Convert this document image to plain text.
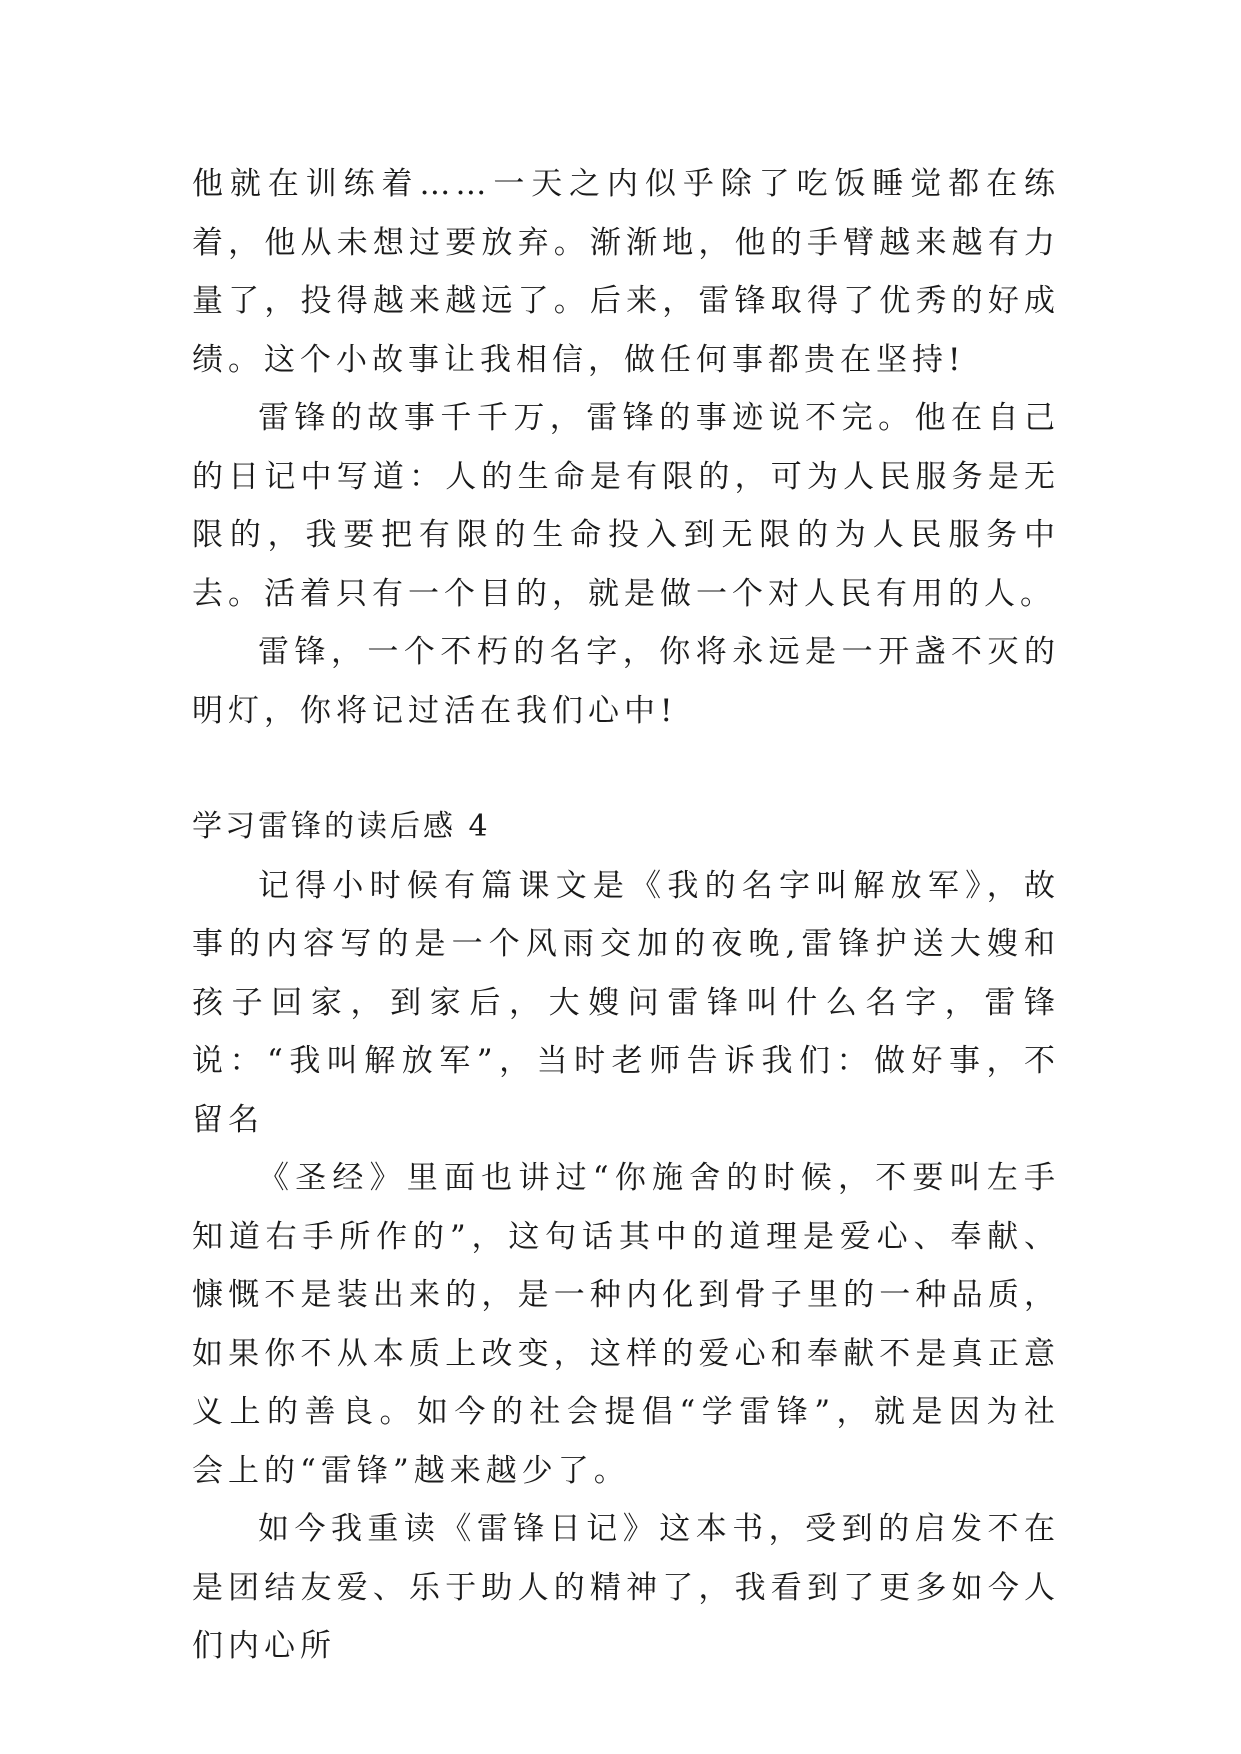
他就在训练着……一天之内似乎除了吃饭睡觉都在练着，他从未想过要放弃。渐渐地，他的手臂越来越有力量了，投得越来越远了。后来，雷锋取得了优秀的好成绩。这个小故事让我相信，做任何事都贵在坚持!

雷锋的故事千千万，雷锋的事迹说不完。他在自己的日记中写道：人的生命是有限的，可为人民服务是无限的，我要把有限的生命投入到无限的为人民服务中去。活着只有一个目的，就是做一个对人民有用的人。

雷锋，一个不朽的名字，你将永远是一开盏不灭的明灯，你将记过活在我们心中!

学习雷锋的读后感 4

记得小时候有篇课文是《我的名字叫解放军》，故事的内容写的是一个风雨交加的夜晚,雷锋护送大嫂和孩子回家，到家后，大嫂问雷锋叫什么名字，雷锋说：“我叫解放军”，当时老师告诉我们：做好事，不留名

《圣经》里面也讲过“你施舍的时候，不要叫左手知道右手所作的”，这句话其中的道理是爱心、奉献、慷慨不是装出来的，是一种内化到骨子里的一种品质，如果你不从本质上改变，这样的爱心和奉献不是真正意义上的善良。如今的社会提倡“学雷锋”，就是因为社会上的“雷锋”越来越少了。

如今我重读《雷锋日记》这本书，受到的启发不在是团结友爱、乐于助人的精神了，我看到了更多如今人们内心所
